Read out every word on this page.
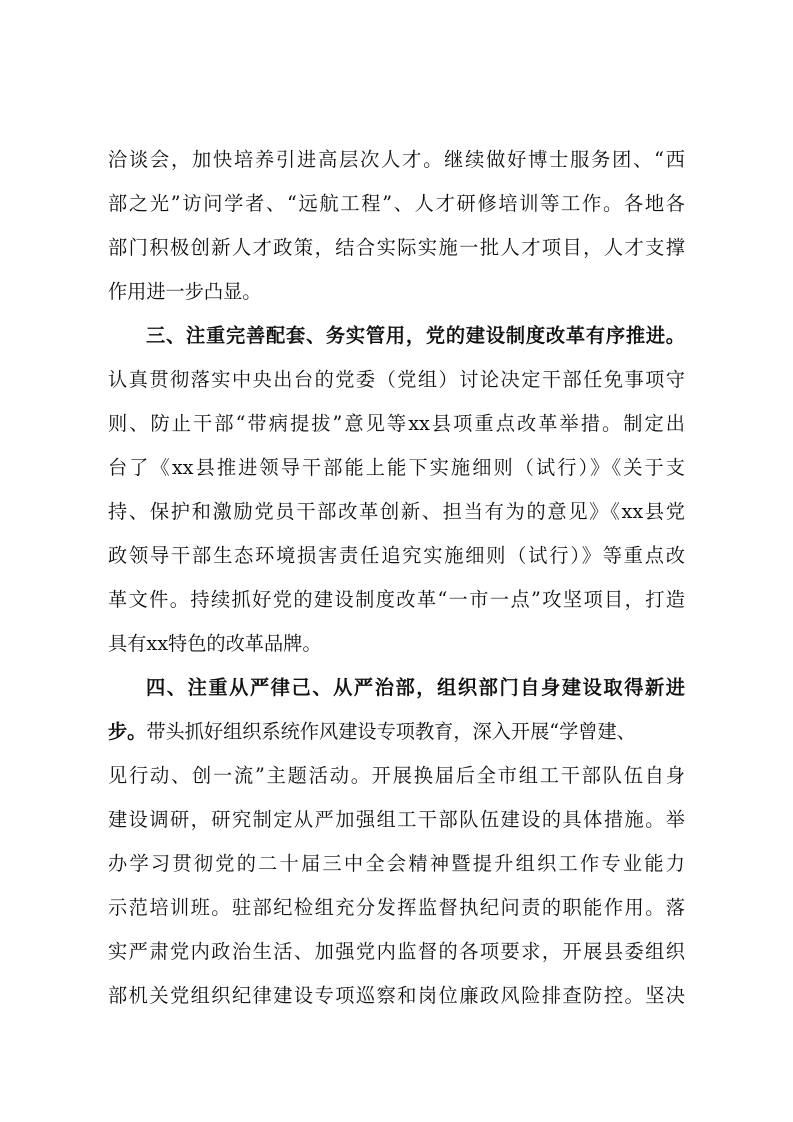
洽谈会，加快培养引进高层次人才。继续做好博士服务团、“西
部之光”访问学者、“远航工程”、人才研修培训等工作。各地各
部门积极创新人才政策，结合实际实施一批人才项目，人才支撑
作用进一步凸显。
三、注重完善配套、务实管用，党的建设制度改革有序推进。
认真贯彻落实中央出台的党委（党组）讨论决定干部任免事项守
则、防止干部“带病提拔”意见等xx县项重点改革举措。制定出
台了《xx县推进领导干部能上能下实施细则（试行）》《关于支
持、保护和激励党员干部改革创新、担当有为的意见》《xx县党
政领导干部生态环境损害责任追究实施细则（试行）》等重点改
革文件。持续抓好党的建设制度改革“一市一点”攻坚项目，打造
具有xx特色的改革品牌。
四、注重从严律己、从严治部，组织部门自身建设取得新进
步。带头抓好组织系统作风建设专项教育，深入开展“学曾建、
见行动、创一流”主题活动。开展换届后全市组工干部队伍自身
建设调研，研究制定从严加强组工干部队伍建设的具体措施。举
办学习贯彻党的二十届三中全会精神暨提升组织工作专业能力
示范培训班。驻部纪检组充分发挥监督执纪问责的职能作用。落
实严肃党内政治生活、加强党内监督的各项要求，开展县委组织
部机关党组织纪律建设专项巡察和岗位廉政风险排查防控。坚决
